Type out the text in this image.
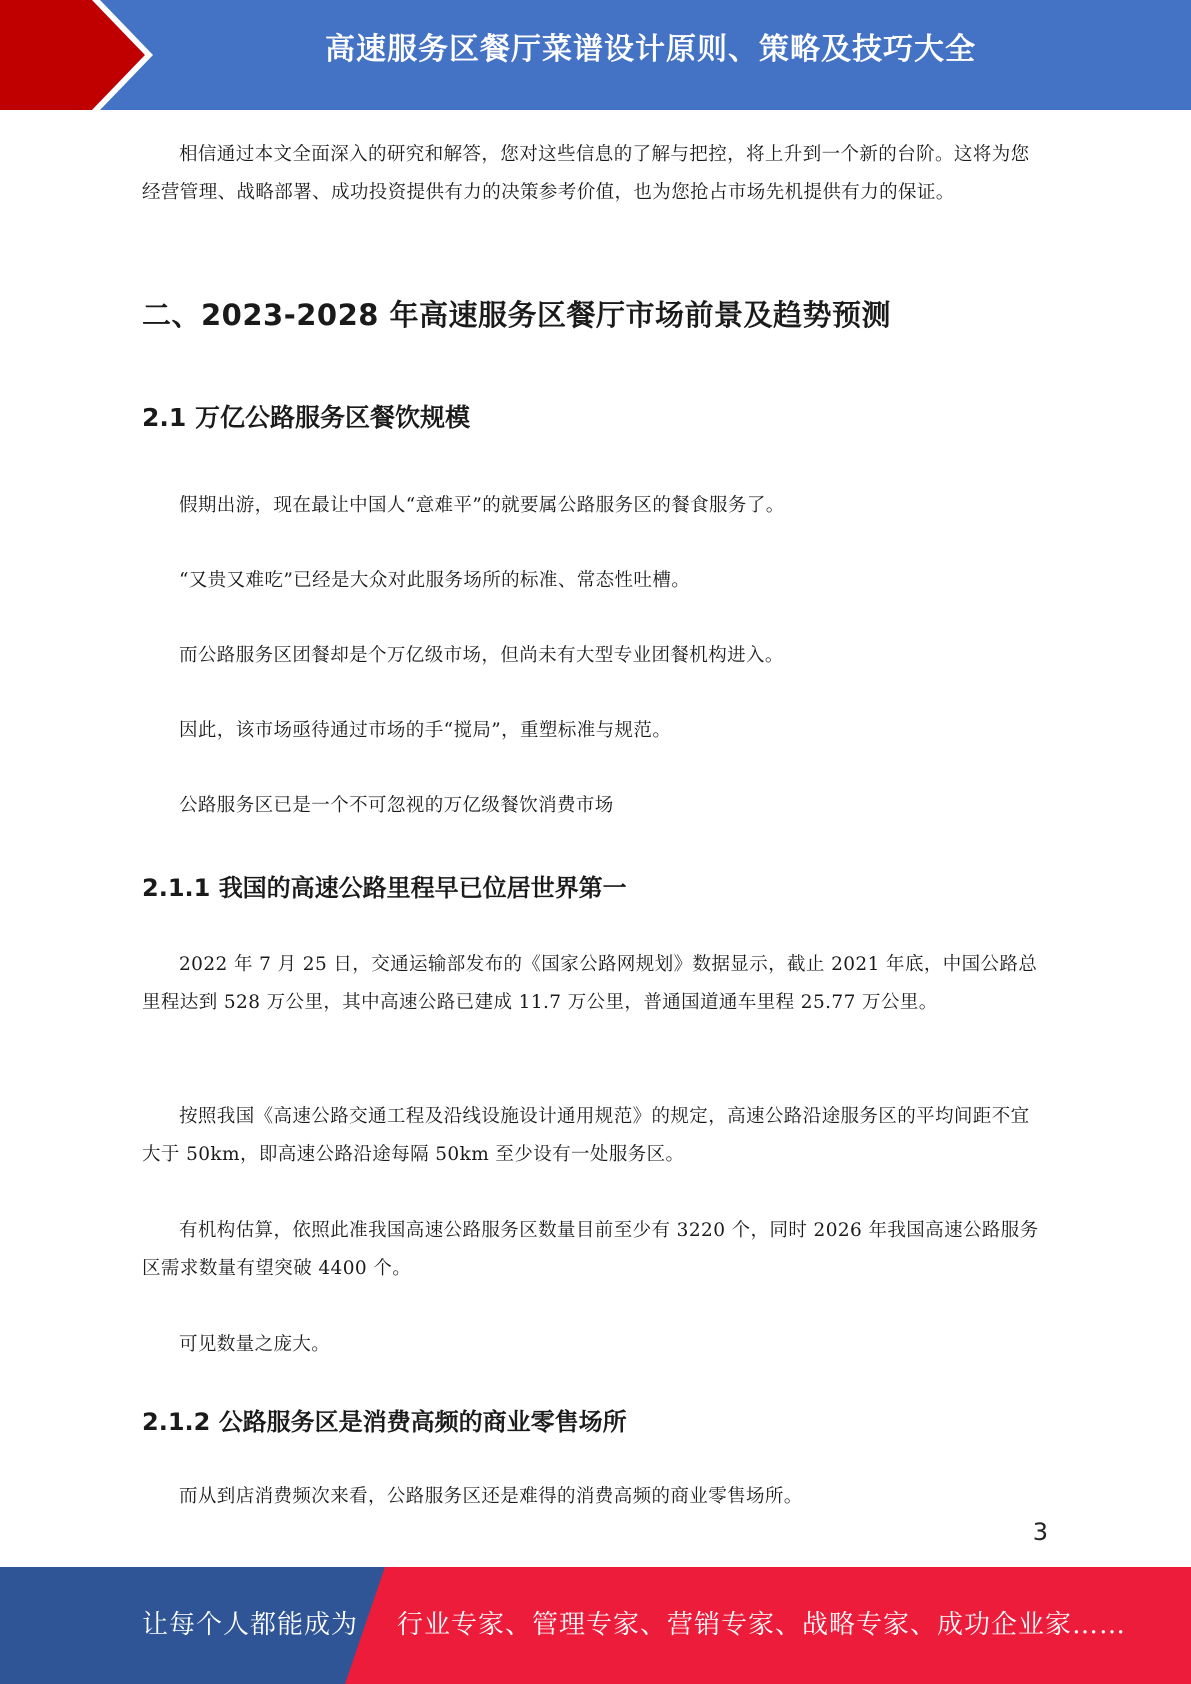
高速服务区餐厅菜谱设计原则、策略及技巧大全

相信通过本文全面深入的研究和解答，您对这些信息的了解与把控，将上升到一个新的台阶。这将为您经营管理、战略部署、成功投资提供有力的决策参考价值，也为您抢占市场先机提供有力的保证。

二、2023-2028 年高速服务区餐厅市场前景及趋势预测
2.1 万亿公路服务区餐饮规模

假期出游，现在最让中国人“意难平”的就要属公路服务区的餐食服务了。

“又贵又难吃”已经是大众对此服务场所的标准、常态性吐槽。

而公路服务区团餐却是个万亿级市场，但尚未有大型专业团餐机构进入。

因此，该市场亟待通过市场的手“搅局”，重塑标准与规范。

公路服务区已是一个不可忽视的万亿级餐饮消费市场

2.1.1 我国的高速公路里程早已位居世界第一

2022 年 7 月 25 日，交通运输部发布的《国家公路网规划》数据显示，截止 2021 年底，中国公路总里程达到 528 万公里，其中高速公路已建成 11.7 万公里，普通国道通车里程 25.77 万公里。

按照我国《高速公路交通工程及沿线设施设计通用规范》的规定，高速公路沿途服务区的平均间距不宜大于 50km，即高速公路沿途每隔 50km 至少设有一处服务区。

有机构估算，依照此准我国高速公路服务区数量目前至少有 3220 个，同时 2026 年我国高速公路服务区需求数量有望突破 4400 个。

可见数量之庞大。

2.1.2 公路服务区是消费高频的商业零售场所

而从到店消费频次来看，公路服务区还是难得的消费高频的商业零售场所。

3
让每个人都能成为 行业专家、管理专家、营销专家、战略专家、成功企业家……
